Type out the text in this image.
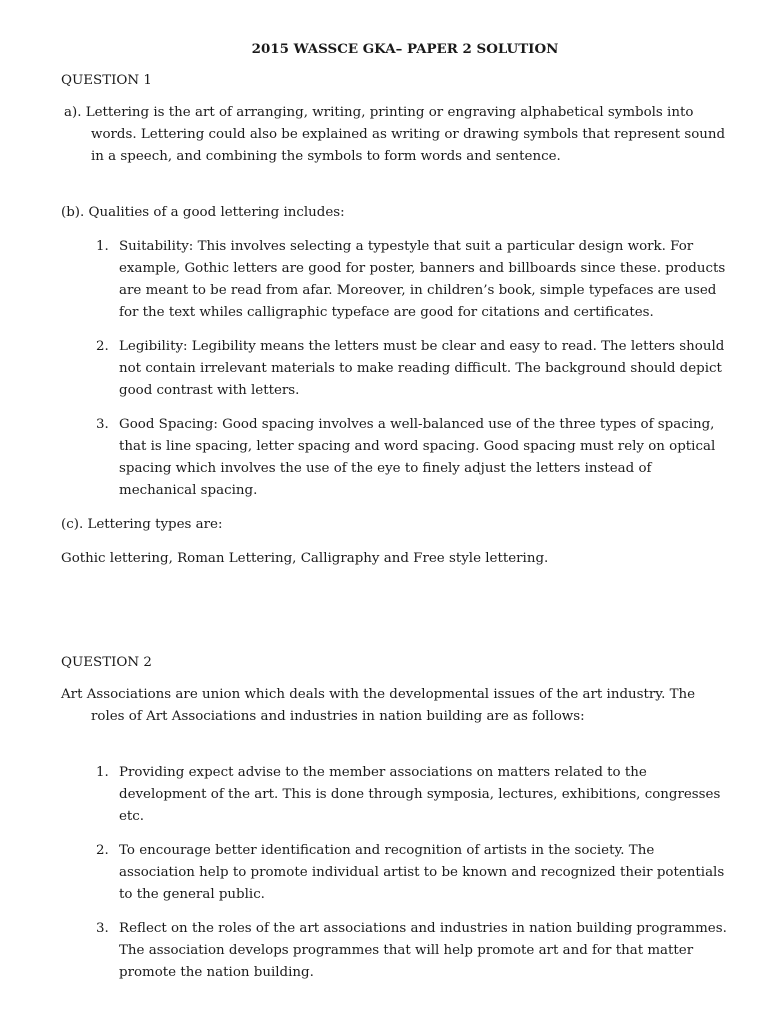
2015 WASSCE GKA– PAPER 2 SOLUTION
QUESTION 1
a). Lettering is the art of arranging, writing, printing or engraving alphabetical symbols into words. Lettering could also be explained as writing or drawing symbols that represent sound in a speech, and combining the symbols to form words and sentence.
(b). Qualities of a good lettering includes:
1. Suitability: This involves selecting a typestyle that suit a particular design work. For example, Gothic letters are good for poster, banners and billboards since these. products are meant to be read from afar. Moreover, in children’s book, simple typefaces are used for the text whiles calligraphic typeface are good for citations and certificates.
2. Legibility: Legibility means the letters must be clear and easy to read. The letters should not contain irrelevant materials to make reading difficult. The background should depict good contrast with letters.
3. Good Spacing: Good spacing involves a well-balanced use of the three types of spacing, that is line spacing, letter spacing and word spacing. Good spacing must rely on optical spacing which involves the use of the eye to finely adjust the letters instead of mechanical spacing.
(c). Lettering types are:
Gothic lettering, Roman Lettering, Calligraphy and Free style lettering.
QUESTION 2
Art Associations are union which deals with the developmental issues of the art industry. The roles of Art Associations and industries in nation building are as follows:
1. Providing expect advise to the member associations on matters related to the development of the art. This is done through symposia, lectures, exhibitions, congresses etc.
2. To encourage better identification and recognition of artists in the society. The association help to promote individual artist to be known and recognized their potentials to the general public.
3. Reflect on the roles of the art associations and industries in nation building programmes. The association develops programmes that will help promote art and for that matter promote the nation building.
